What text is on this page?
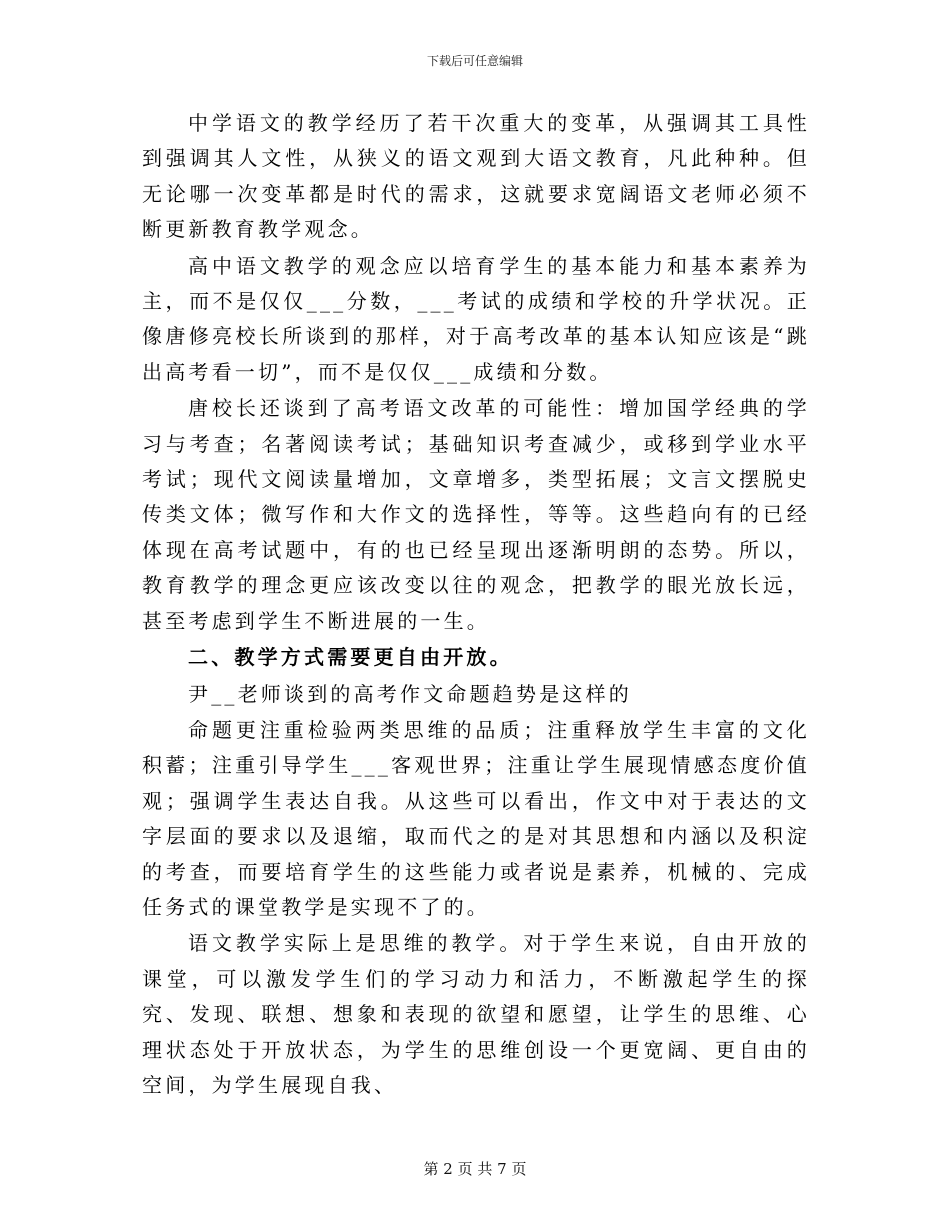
下载后可任意编辑

中学语文的教学经历了若干次重大的变革，从强调其工具性到强调其人文性，从狭义的语文观到大语文教育，凡此种种。但无论哪一次变革都是时代的需求，这就要求宽阔语文老师必须不断更新教育教学观念。

高中语文教学的观念应以培育学生的基本能力和基本素养为主，而不是仅仅___分数，___考试的成绩和学校的升学状况。正像唐修亮校长所谈到的那样，对于高考改革的基本认知应该是“跳出高考看一切”，而不是仅仅___成绩和分数。

唐校长还谈到了高考语文改革的可能性：增加国学经典的学习与考查；名著阅读考试；基础知识考查减少，或移到学业水平考试；现代文阅读量增加，文章增多，类型拓展；文言文摆脱史传类文体；微写作和大作文的选择性，等等。这些趋向有的已经体现在高考试题中，有的也已经呈现出逐渐明朗的态势。所以，教育教学的理念更应该改变以往的观念，把教学的眼光放长远，甚至考虑到学生不断进展的一生。

二、教学方式需要更自由开放。

尹__老师谈到的高考作文命题趋势是这样的

命题更注重检验两类思维的品质；注重释放学生丰富的文化积蓄；注重引导学生___客观世界；注重让学生展现情感态度价值观；强调学生表达自我。从这些可以看出，作文中对于表达的文字层面的要求以及退缩，取而代之的是对其思想和内涵以及积淀的考查，而要培育学生的这些能力或者说是素养，机械的、完成任务式的课堂教学是实现不了的。

语文教学实际上是思维的教学。对于学生来说，自由开放的课堂，可以激发学生们的学习动力和活力，不断激起学生的探究、发现、联想、想象和表现的欲望和愿望，让学生的思维、心理状态处于开放状态，为学生的思维创设一个更宽阔、更自由的空间，为学生展现自我、

第 2 页 共 7 页
